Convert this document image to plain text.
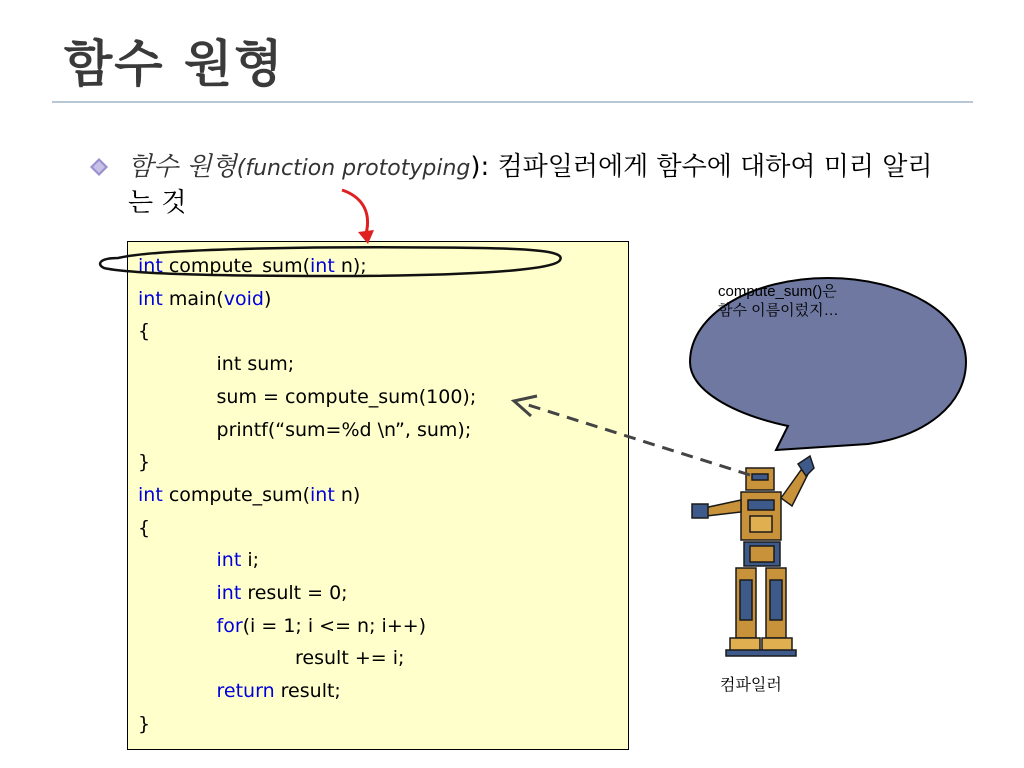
함수 원형
함수 원형(function prototyping): 컴파일러에게 함수에 대하여 미리 알리
는 것
int compute_sum(int n);
int main(void)
{
int sum;
sum = compute_sum(100);
printf(“sum=%d \n”, sum);
}
int compute_sum(int n)
{
int i;
int result = 0;
for(i = 1; i <= n; i++)
result += i;
return result;
}
compute_sum()은
함수 이름이렀지…
컴파일러
